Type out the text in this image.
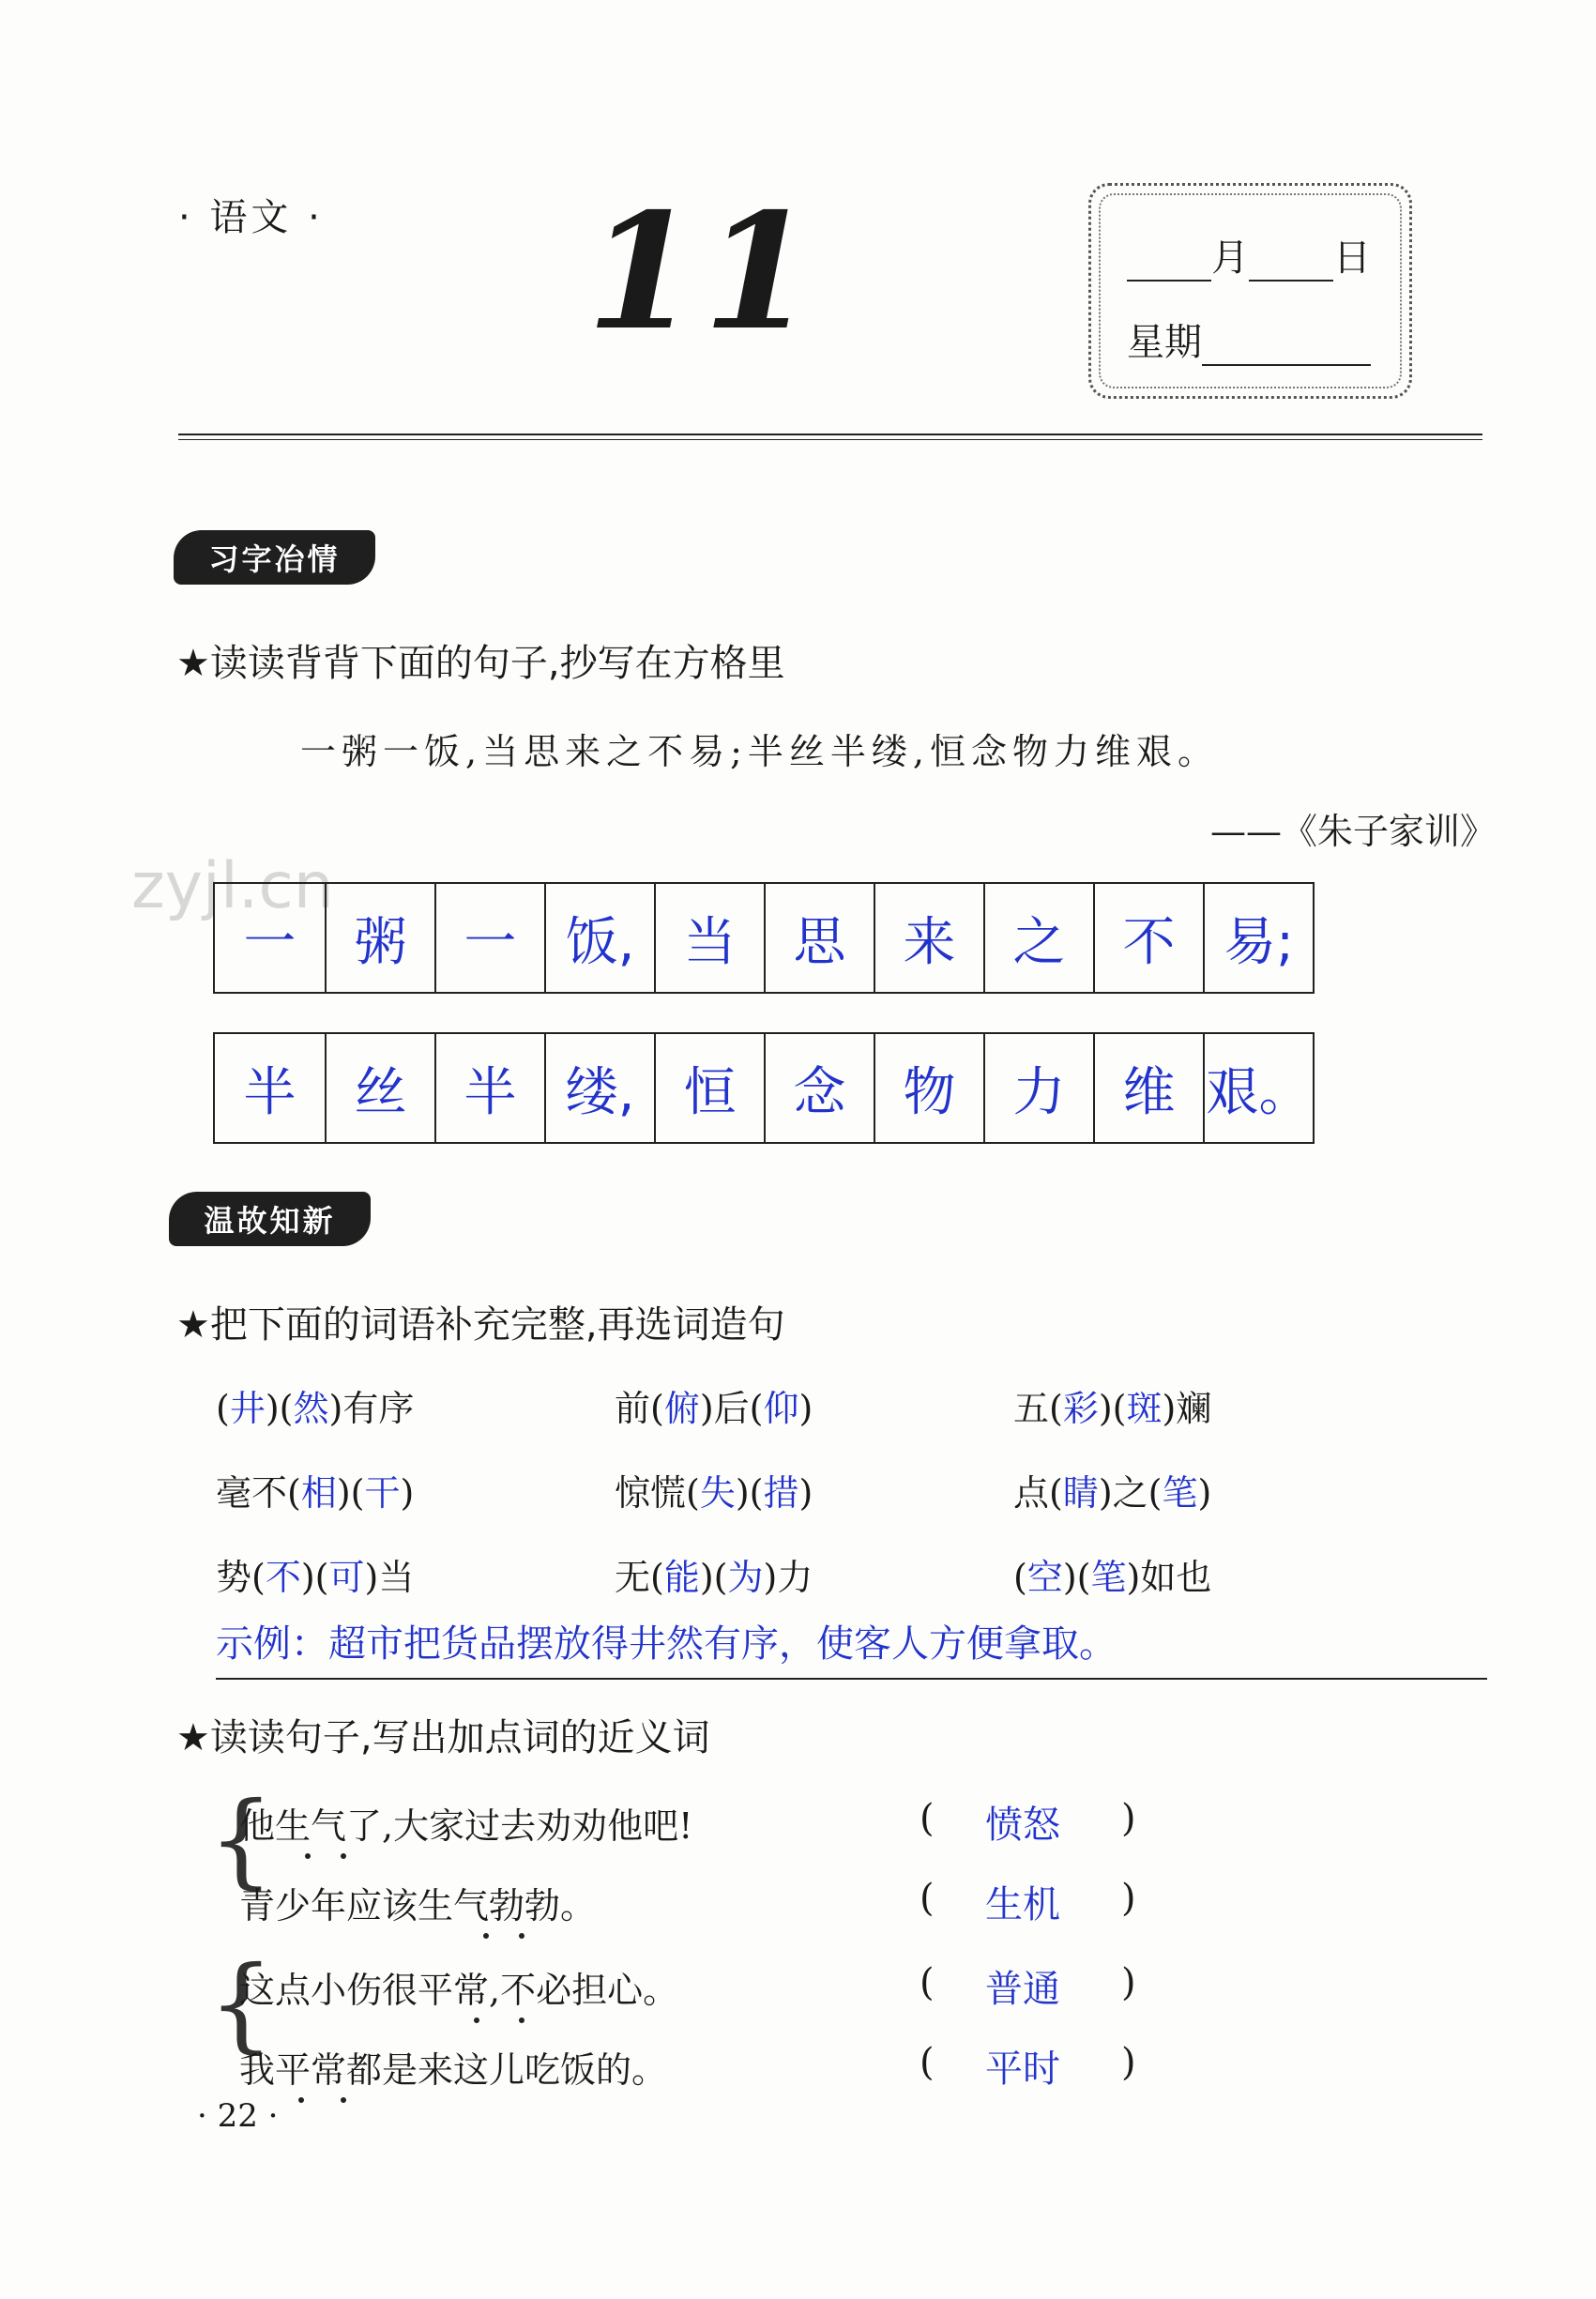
· 语文 · 11	月 日
星期
zyjl.cn
习字冶情
★读读背背下面的句子,抄写在方格里
一粥一饭,当思来之不易;半丝半缕,恒念物力维艰。
——《朱子家训》
一	粥	一 饭, 当	思	来	之	不 易;
半	丝	半 缕, 恒	念	物	力	维 艰。
温故知新
★把下面的词语补充完整,再选词造句
(井)(然)有序	前(俯)后(仰)	五(彩)(斑)斓
毫不(相)(干)	惊慌(失)(措)	点(睛)之(笔)
势(不)(可)当	无(能)(为)力	(空)(笔)如也
示例：超市把货品摆放得井然有序，使客人方便拿取。
★读读句子,写出加点词的近义词
{
他生气了,大家过去劝劝他吧!
青少年应该生气勃勃。
( 愤怒 )
( 生机 )
{
这点小伤很平常,不必担心。
我平常都是来这儿吃饭的。
( 普通 )
( 平时 )
· 22 ·
